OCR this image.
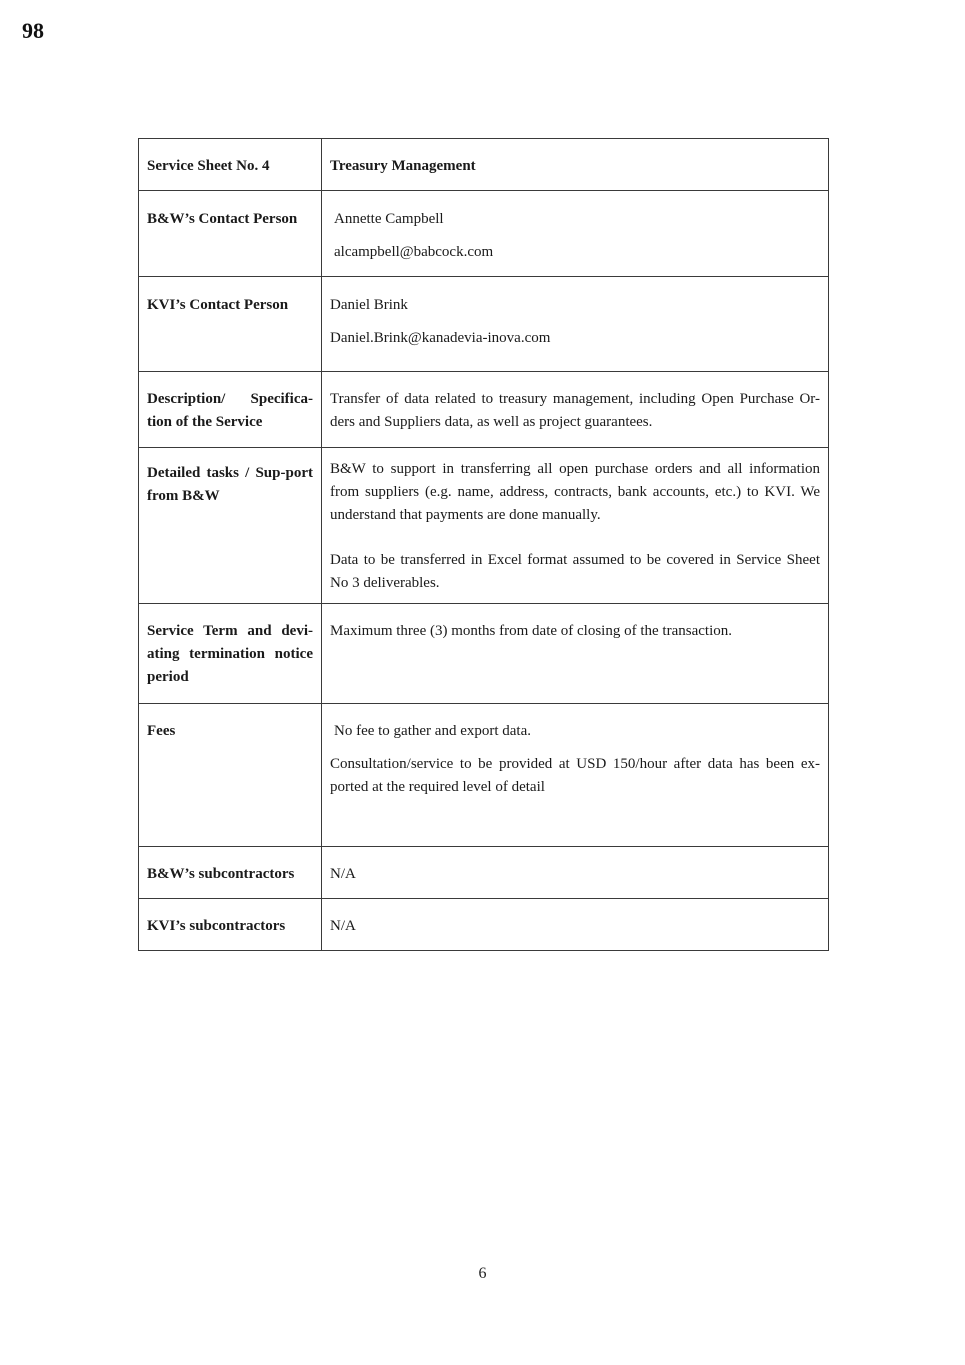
98
Service Sheet No. 4	Treasury Management
B&W’s Contact Person	Annette Campbell

alcampbell@babcock.com

KVI’s Contact Person	Daniel Brink

Daniel.Brink@kanadevia-inova.com

Description/ Specifica-tion of the Service	Transfer of data related to treasury management, including Open Purchase Or-ders and Suppliers data, as well as project guarantees.

Detailed tasks / Sup-port from B&W	B&W to support in transferring all open purchase orders and all information from suppliers (e.g. name, address, contracts, bank accounts, etc.) to KVI. We understand that payments are done manually.

Data to be transferred in Excel format assumed to be covered in Service Sheet No 3 deliverables.

Service Term and devi-ating termination notice period	Maximum three (3) months from date of closing of the transaction.

Fees	No fee to gather and export data.

Consultation/service to be provided at USD 150/hour after data has been ex-ported at the required level of detail

B&W’s subcontractors	N/A
KVI’s subcontractors	N/A
6
